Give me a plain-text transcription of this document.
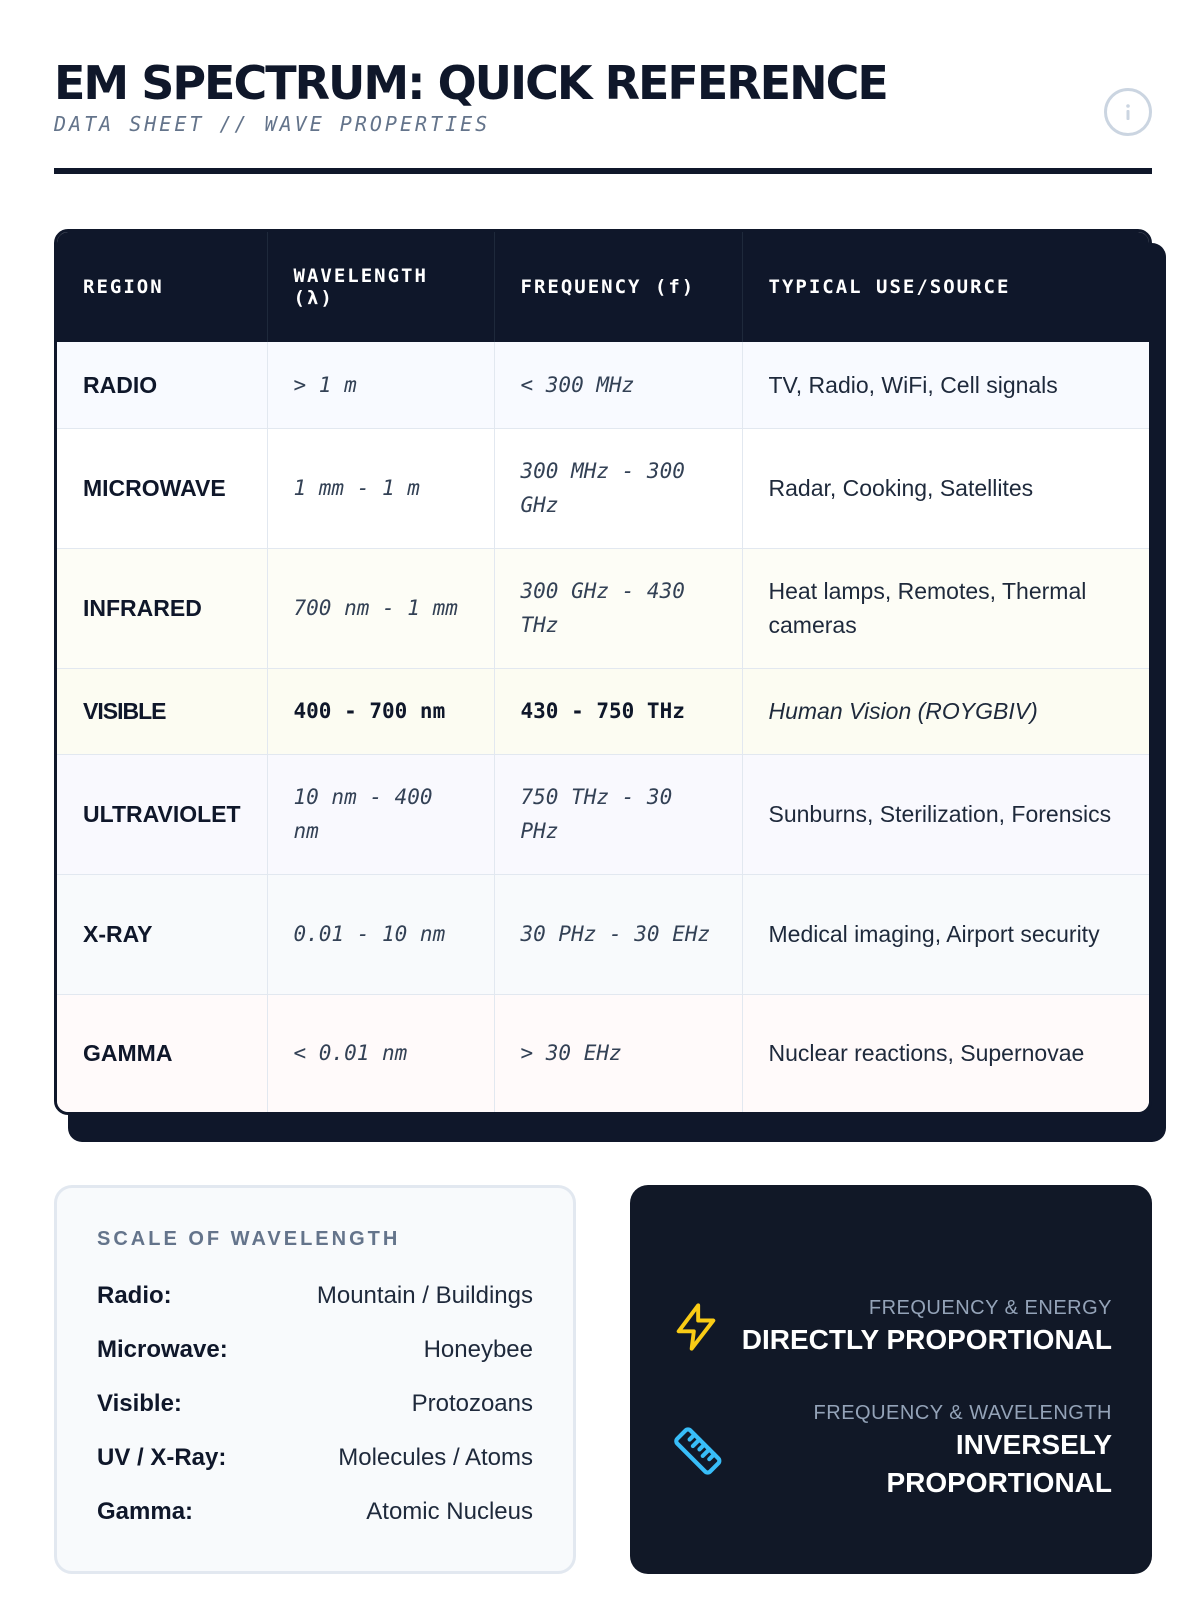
EM SPECTRUM: QUICK REFERENCE
DATA SHEET // WAVE PROPERTIES
REGION	WAVELENGTH (λ)	FREQUENCY (f)	TYPICAL USE/SOURCE
RADIO	> 1 m	< 300 MHz	TV, Radio, WiFi, Cell signals
MICROWAVE	1 mm - 1 m	300 MHz - 300 GHz	Radar, Cooking, Satellites
INFRARED	700 nm - 1 mm	300 GHz - 430 THz	Heat lamps, Remotes, Thermal cameras
VISIBLE	400 - 700 nm	430 - 750 THz	Human Vision (ROYGBIV)
ULTRAVIOLET	10 nm - 400 nm	750 THz - 30 PHz	Sunburns, Sterilization, Forensics
X-RAY	0.01 - 10 nm	30 PHz - 30 EHz	Medical imaging, Airport security
GAMMA	< 0.01 nm	> 30 EHz	Nuclear reactions, Supernovae
SCALE OF WAVELENGTH
Radio:	Mountain / Buildings
Microwave:	Honeybee
Visible:	Protozoans
UV / X-Ray:	Molecules / Atoms
Gamma:	Atomic Nucleus
FREQUENCY & ENERGY
DIRECTLY PROPORTIONAL
FREQUENCY & WAVELENGTH
INVERSELY PROPORTIONAL
